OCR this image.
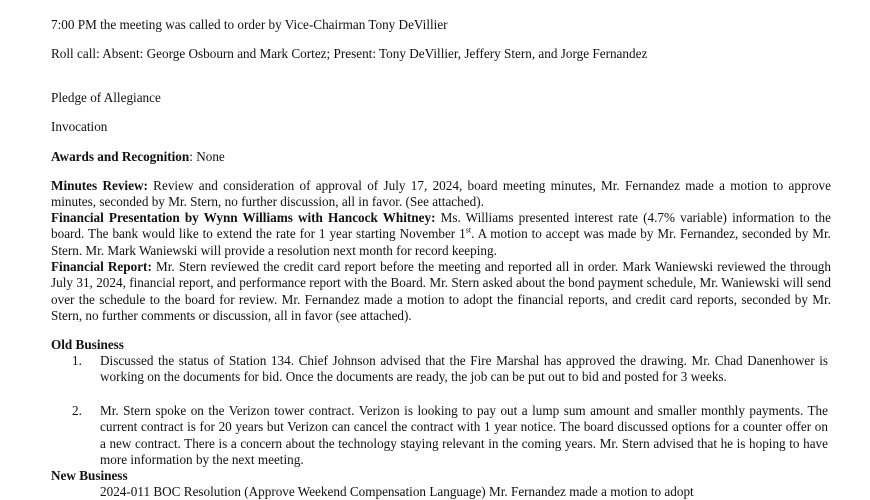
7:00 PM the meeting was called to order by Vice-Chairman Tony DeVillier
Roll call: Absent: George Osbourn and Mark Cortez; Present: Tony DeVillier, Jeffery Stern, and Jorge Fernandez
Pledge of Allegiance
Invocation
Awards and Recognition: None
Minutes Review: Review and consideration of approval of July 17, 2024, board meeting minutes, Mr. Fernandez made a motion to approve minutes, seconded by Mr. Stern, no further discussion, all in favor. (See attached).
Financial Presentation by Wynn Williams with Hancock Whitney: Ms. Williams presented interest rate (4.7% variable) information to the board. The bank would like to extend the rate for 1 year starting November 1st. A motion to accept was made by Mr. Fernandez, seconded by Mr. Stern. Mr. Mark Waniewski will provide a resolution next month for record keeping.
Financial Report: Mr. Stern reviewed the credit card report before the meeting and reported all in order. Mark Waniewski reviewed the through July 31, 2024, financial report, and performance report with the Board. Mr. Stern asked about the bond payment schedule, Mr. Waniewski will send over the schedule to the board for review. Mr. Fernandez made a motion to adopt the financial reports, and credit card reports, seconded by Mr. Stern, no further comments or discussion, all in favor (see attached).
Old Business
1. Discussed the status of Station 134. Chief Johnson advised that the Fire Marshal has approved the drawing. Mr. Chad Danenhower is working on the documents for bid. Once the documents are ready, the job can be put out to bid and posted for 3 weeks.
2. Mr. Stern spoke on the Verizon tower contract. Verizon is looking to pay out a lump sum amount and smaller monthly payments. The current contract is for 20 years but Verizon can cancel the contract with 1 year notice. The board discussed options for a counter offer on a new contract. There is a concern about the technology staying relevant in the coming years. Mr. Stern advised that he is hoping to have more information by the next meeting.
New Business
2024-011 BOC Resolution (Approve Weekend Compensation Language) Mr. Fernandez made a motion to adopt
